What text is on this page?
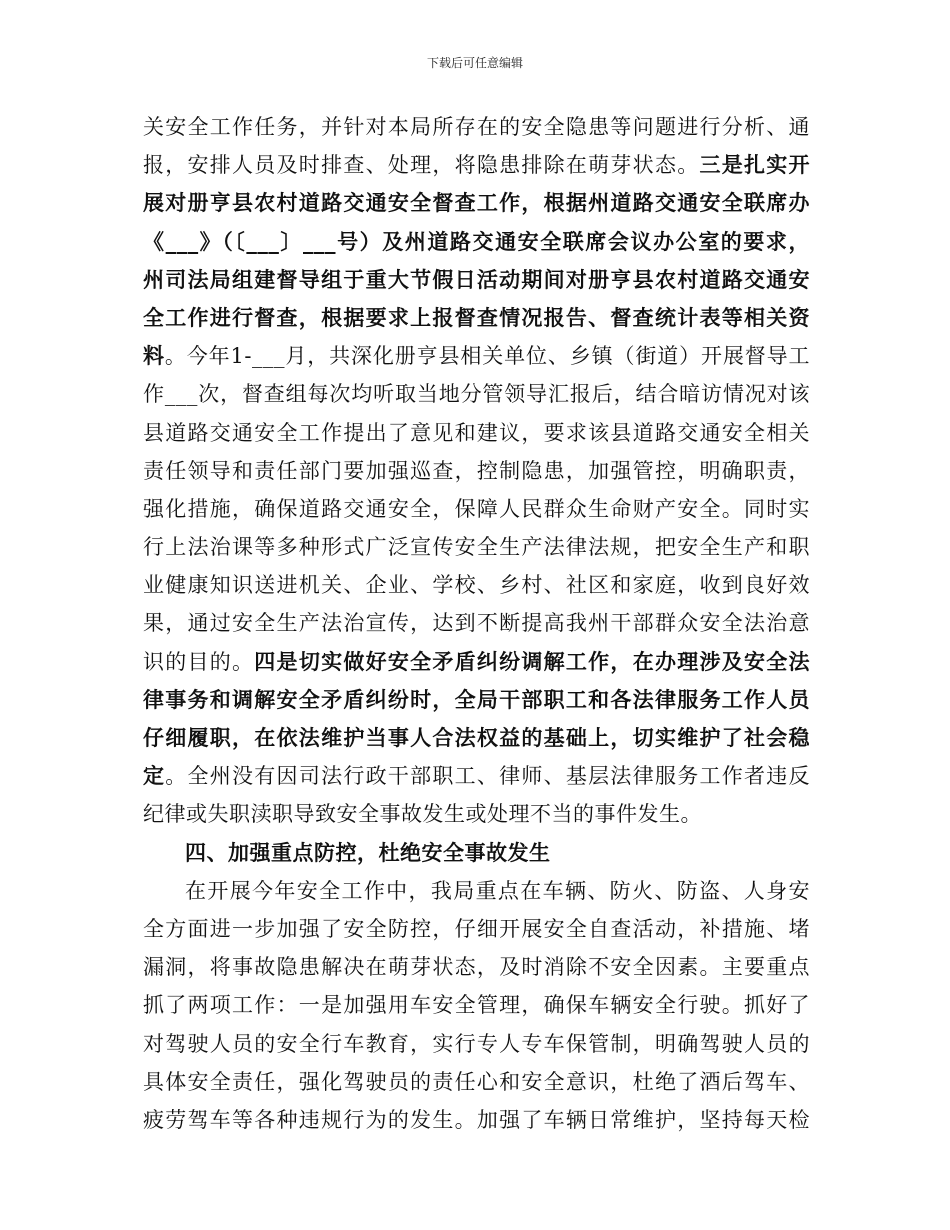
下载后可任意编辑
关安全工作任务，并针对本局所存在的安全隐患等问题进行分析、通
报，安排人员及时排查、处理，将隐患排除在萌芽状态。三是扎实开
展对册亨县农村道路交通安全督查工作，根据州道路交通安全联席办
《___》（〔___〕___号）及州道路交通安全联席会议办公室的要求，
州司法局组建督导组于重大节假日活动期间对册亨县农村道路交通安
全工作进行督查，根据要求上报督查情况报告、督查统计表等相关资
料。今年1-___月，共深化册亨县相关单位、乡镇（街道）开展督导工
作___次，督查组每次均听取当地分管领导汇报后，结合暗访情况对该
县道路交通安全工作提出了意见和建议，要求该县道路交通安全相关
责任领导和责任部门要加强巡查，控制隐患，加强管控，明确职责，
强化措施，确保道路交通安全，保障人民群众生命财产安全。同时实
行上法治课等多种形式广泛宣传安全生产法律法规，把安全生产和职
业健康知识送进机关、企业、学校、乡村、社区和家庭，收到良好效
果，通过安全生产法治宣传，达到不断提高我州干部群众安全法治意
识的目的。四是切实做好安全矛盾纠纷调解工作，在办理涉及安全法
律事务和调解安全矛盾纠纷时，全局干部职工和各法律服务工作人员
仔细履职，在依法维护当事人合法权益的基础上，切实维护了社会稳
定。全州没有因司法行政干部职工、律师、基层法律服务工作者违反
纪律或失职渎职导致安全事故发生或处理不当的事件发生。
四、加强重点防控，杜绝安全事故发生
在开展今年安全工作中，我局重点在车辆、防火、防盗、人身安
全方面进一步加强了安全防控，仔细开展安全自查活动，补措施、堵
漏洞，将事故隐患解决在萌芽状态，及时消除不安全因素。主要重点
抓了两项工作：一是加强用车安全管理，确保车辆安全行驶。抓好了
对驾驶人员的安全行车教育，实行专人专车保管制，明确驾驶人员的
具体安全责任，强化驾驶员的责任心和安全意识，杜绝了酒后驾车、
疲劳驾车等各种违规行为的发生。加强了车辆日常维护，坚持每天检
